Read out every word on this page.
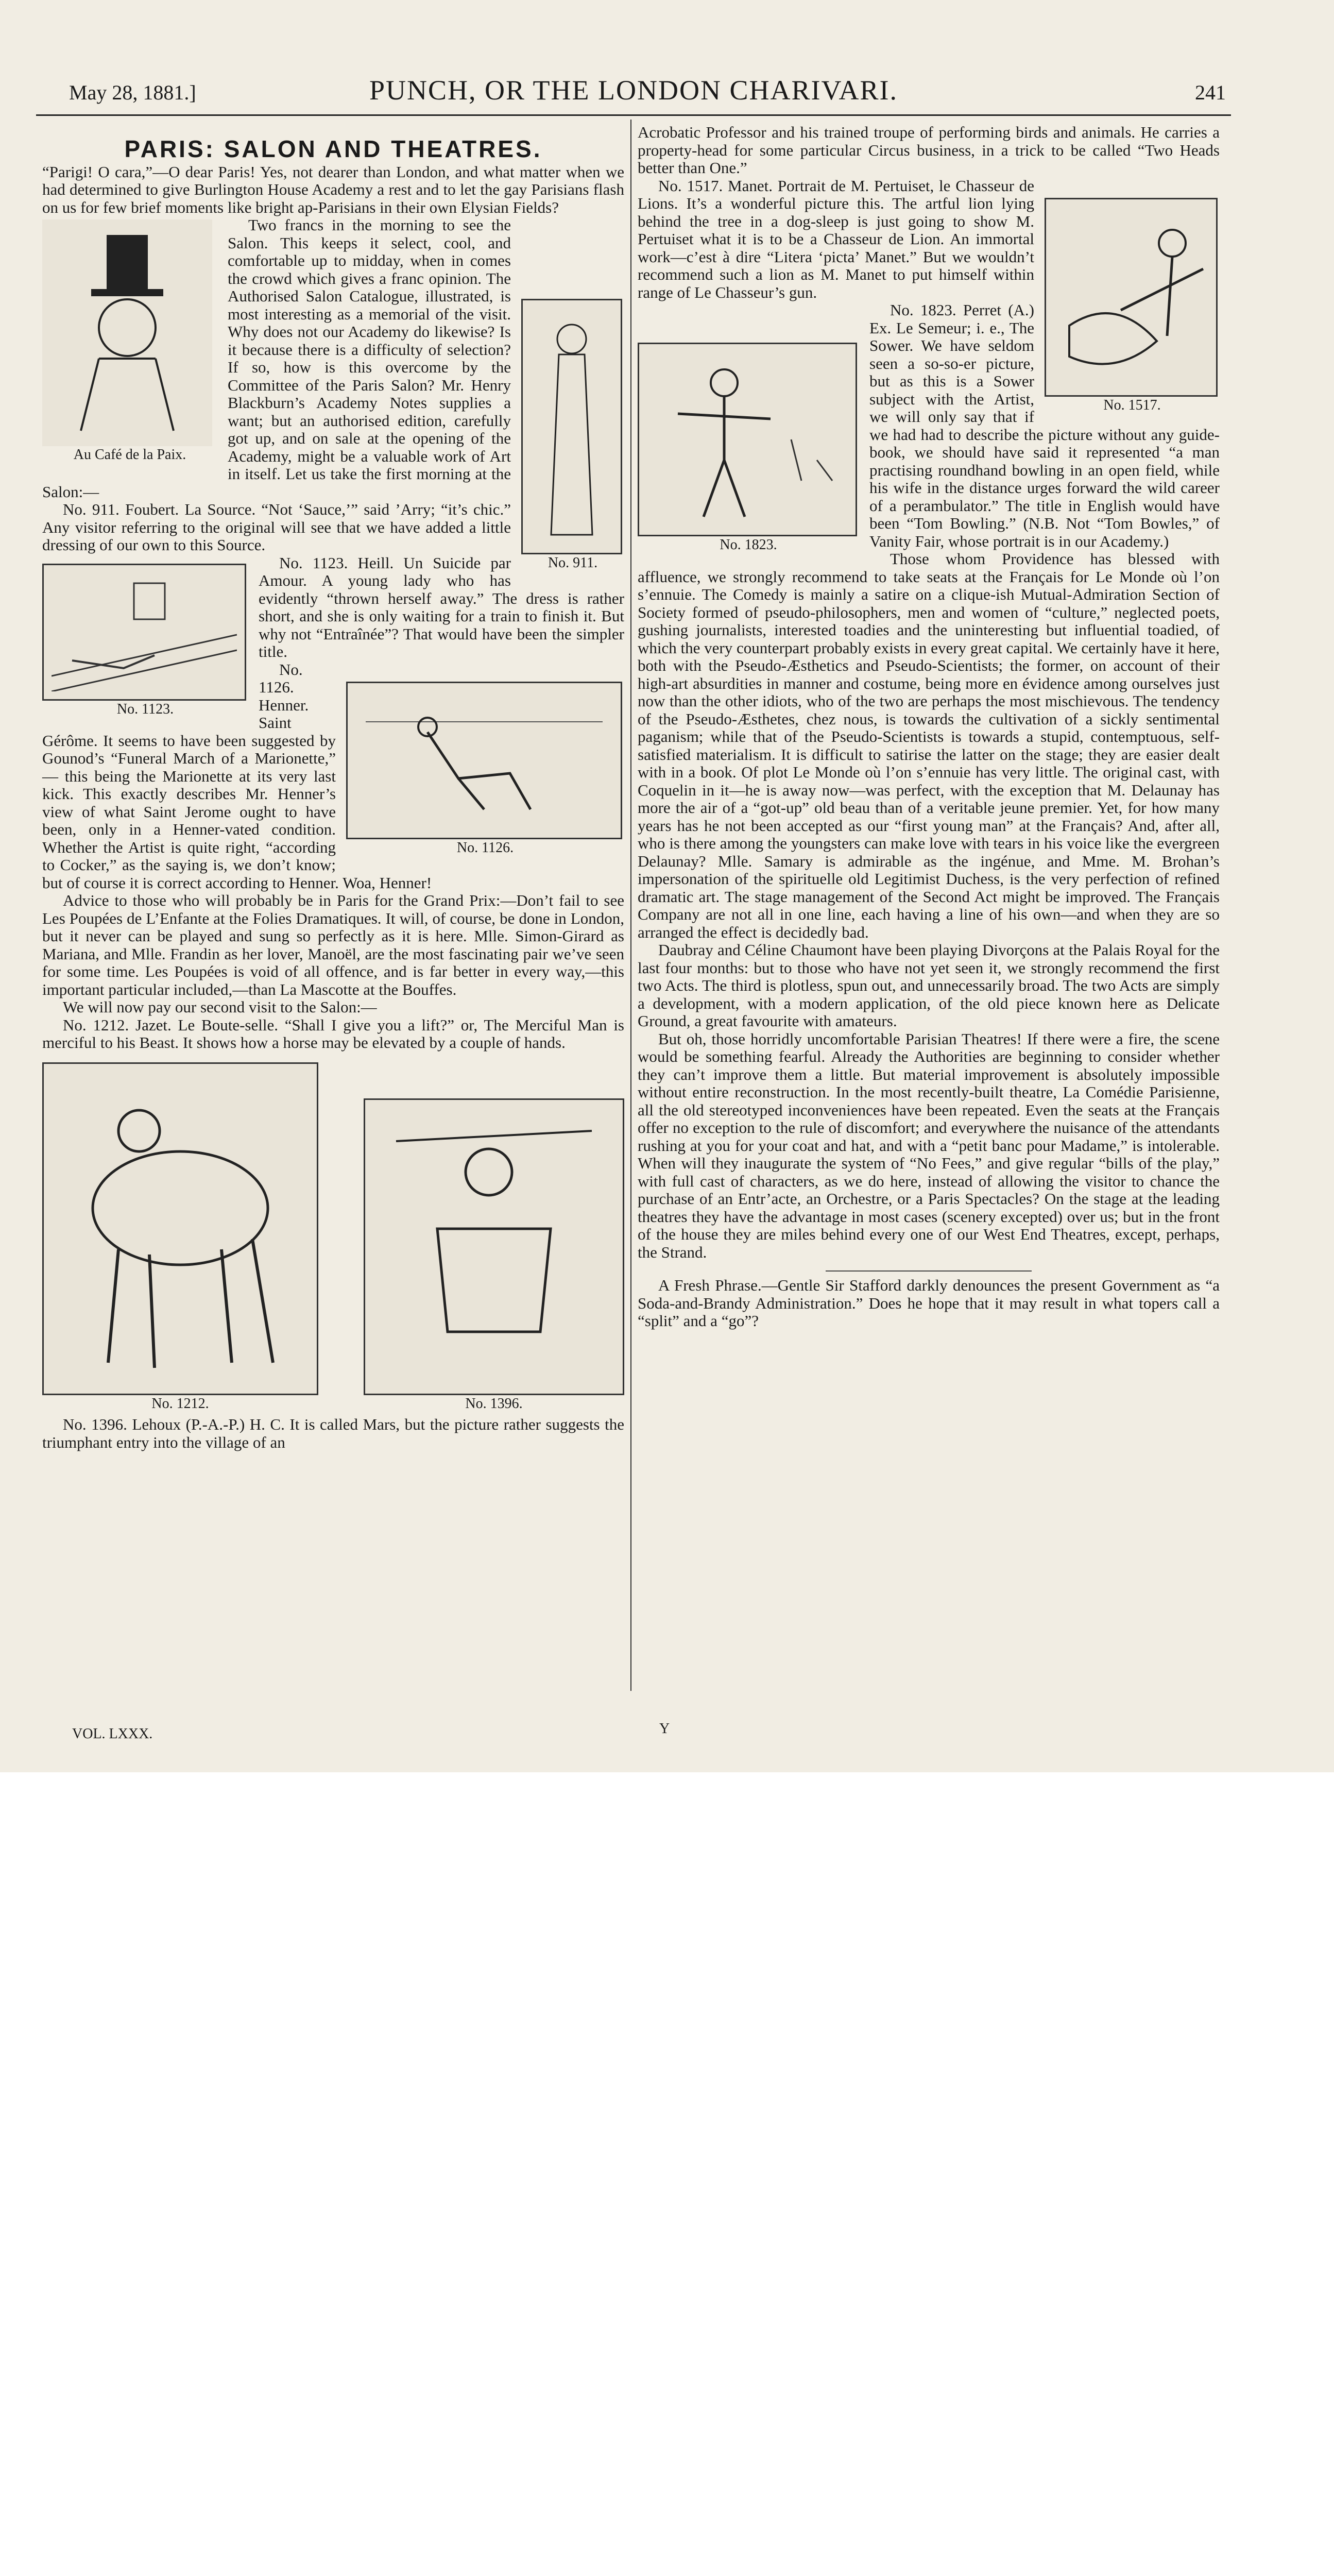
May 28, 1881.]	PUNCH, OR THE LONDON CHARIVARI.	241
PARIS: SALON AND THEATRES.

“Parigi! O cara,”—O dear Paris! Yes, not dearer than London, and what matter when we had determined to give Burlington House Academy a rest and to let the gay Parisians flash on us for few brief moments like bright ap-Parisians in their own Elysian Fields?

Au Café de la Paix.
No. 911.

Two francs in the morning to see the Salon. This keeps it select, cool, and comfortable up to midday, when in comes the crowd which gives a franc opinion. The Authorised Salon Catalogue, illustrated, is most interesting as a memorial of the visit. Why does not our Academy do likewise? Is it because there is a difficulty of selection? If so, how is this overcome by the Committee of the Paris Salon? Mr. Henry Blackburn’s Academy Notes supplies a want; but an authorised edition, carefully got up, and on sale at the opening of the Academy, might be a valuable work of Art in itself. Let us take the first morning at the Salon:—

No. 911. Foubert. La Source. “Not ‘Sauce,’” said ’Arry; “it’s chic.” Any visitor referring to the original will see that we have added a little dressing of our own to this Source.

No. 1123.

No. 1123. Heill. Un Suicide par Amour. A young lady who has evidently “thrown herself away.” The dress is rather short, and she is only waiting for a train to finish it. But why not “Entraînée”? That would have been the simpler title.

No. 1126.

No. 1126. Henner. Saint Gérôme. It seems to have been suggested by Gounod’s “Funeral March of a Marionette,” — this being the Marionette at its very last kick. This exactly describes Mr. Henner’s view of what Saint Jerome ought to have been, only in a Henner-vated condition. Whether the Artist is quite right, “according to Cocker,” as the saying is, we don’t know; but of course it is correct according to Henner. Woa, Henner!

Advice to those who will probably be in Paris for the Grand Prix:—Don’t fail to see Les Poupées de L’Enfante at the Folies Dramatiques. It will, of course, be done in London, but it never can be played and sung so perfectly as it is here. Mlle. Simon-Girard as Mariana, and Mlle. Frandin as her lover, Manoël, are the most fascinating pair we’ve seen for some time. Les Poupées is void of all offence, and is far better in every way,—this important particular included,—than La Mascotte at the Bouffes.

We will now pay our second visit to the Salon:—

No. 1212. Jazet. Le Boute-selle. “Shall I give you a lift?” or, The Merciful Man is merciful to his Beast. It shows how a horse may be elevated by a couple of hands.

No. 1212.	No. 1396.

No. 1396. Lehoux (P.-A.-P.) H. C. It is called Mars, but the picture rather suggests the triumphant entry into the village of an

Acrobatic Professor and his trained troupe of performing birds and animals. He carries a property-head for some particular Circus business, in a trick to be called “Two Heads better than One.”

No. 1517.

No. 1517. Manet. Portrait de M. Pertuiset, le Chasseur de Lions. It’s a wonderful picture this. The artful lion lying behind the tree in a dog-sleep is just going to show M. Pertuiset what it is to be a Chasseur de Lion. An immortal work—c’est à dire “Litera ‘picta’ Manet.” But we wouldn’t recommend such a lion as M. Manet to put himself within range of Le Chasseur’s gun.

No. 1823.

No. 1823. Perret (A.) Ex. Le Semeur; i. e., The Sower. We have seldom seen a so-so-er picture, but as this is a Sower subject with the Artist, we will only say that if we had had to describe the picture without any guide-book, we should have said it represented “a man practising roundhand bowling in an open field, while his wife in the distance urges forward the wild career of a perambulator.” The title in English would have been “Tom Bowling.” (N.B. Not “Tom Bowles,” of Vanity Fair, whose portrait is in our Academy.)

Those whom Providence has blessed with affluence, we strongly recommend to take seats at the Français for Le Monde où l’on s’ennuie. The Comedy is mainly a satire on a clique-ish Mutual-Admiration Section of Society formed of pseudo-philosophers, men and women of “culture,” neglected poets, gushing journalists, interested toadies and the uninteresting but influential toadied, of which the very counterpart probably exists in every great capital. We certainly have it here, both with the Pseudo-Æsthetics and Pseudo-Scientists; the former, on account of their high-art absurdities in manner and costume, being more en évidence among ourselves just now than the other idiots, who of the two are perhaps the most mischievous. The tendency of the Pseudo-Æsthetes, chez nous, is towards the cultivation of a sickly sentimental paganism; while that of the Pseudo-Scientists is towards a stupid, contemptuous, self-satisfied materialism. It is difficult to satirise the latter on the stage; they are easier dealt with in a book. Of plot Le Monde où l’on s’ennuie has very little. The original cast, with Coquelin in it—he is away now—was perfect, with the exception that M. Delaunay has more the air of a “got-up” old beau than of a veritable jeune premier. Yet, for how many years has he not been accepted as our “first young man” at the Français? And, after all, who is there among the youngsters can make love with tears in his voice like the evergreen Delaunay? Mlle. Samary is admirable as the ingénue, and Mme. M. Brohan’s impersonation of the spirituelle old Legitimist Duchess, is the very perfection of refined dramatic art. The stage management of the Second Act might be improved. The Français Company are not all in one line, each having a line of his own—and when they are so arranged the effect is decidedly bad.

Daubray and Céline Chaumont have been playing Divorçons at the Palais Royal for the last four months: but to those who have not yet seen it, we strongly recommend the first two Acts. The third is plotless, spun out, and unnecessarily broad. The two Acts are simply a development, with a modern application, of the old piece known here as Delicate Ground, a great favourite with amateurs.

But oh, those horridly uncomfortable Parisian Theatres! If there were a fire, the scene would be something fearful. Already the Authorities are beginning to consider whether they can’t improve them a little. But material improvement is absolutely impossible without entire reconstruction. In the most recently-built theatre, La Comédie Parisienne, all the old stereotyped inconveniences have been repeated. Even the seats at the Français offer no exception to the rule of discomfort; and everywhere the nuisance of the attendants rushing at you for your coat and hat, and with a “petit banc pour Madame,” is intolerable. When will they inaugurate the system of “No Fees,” and give regular “bills of the play,” with full cast of characters, as we do here, instead of allowing the visitor to chance the purchase of an Entr’acte, an Orchestre, or a Paris Spectacles? On the stage at the leading theatres they have the advantage in most cases (scenery excepted) over us; but in the front of the house they are miles behind every one of our West End Theatres, except, perhaps, the Strand.

A Fresh Phrase.—Gentle Sir Stafford darkly denounces the present Government as “a Soda-and-Brandy Administration.” Does he hope that it may result in what topers call a “split” and a “go”?

VOL. LXXX.	Y
